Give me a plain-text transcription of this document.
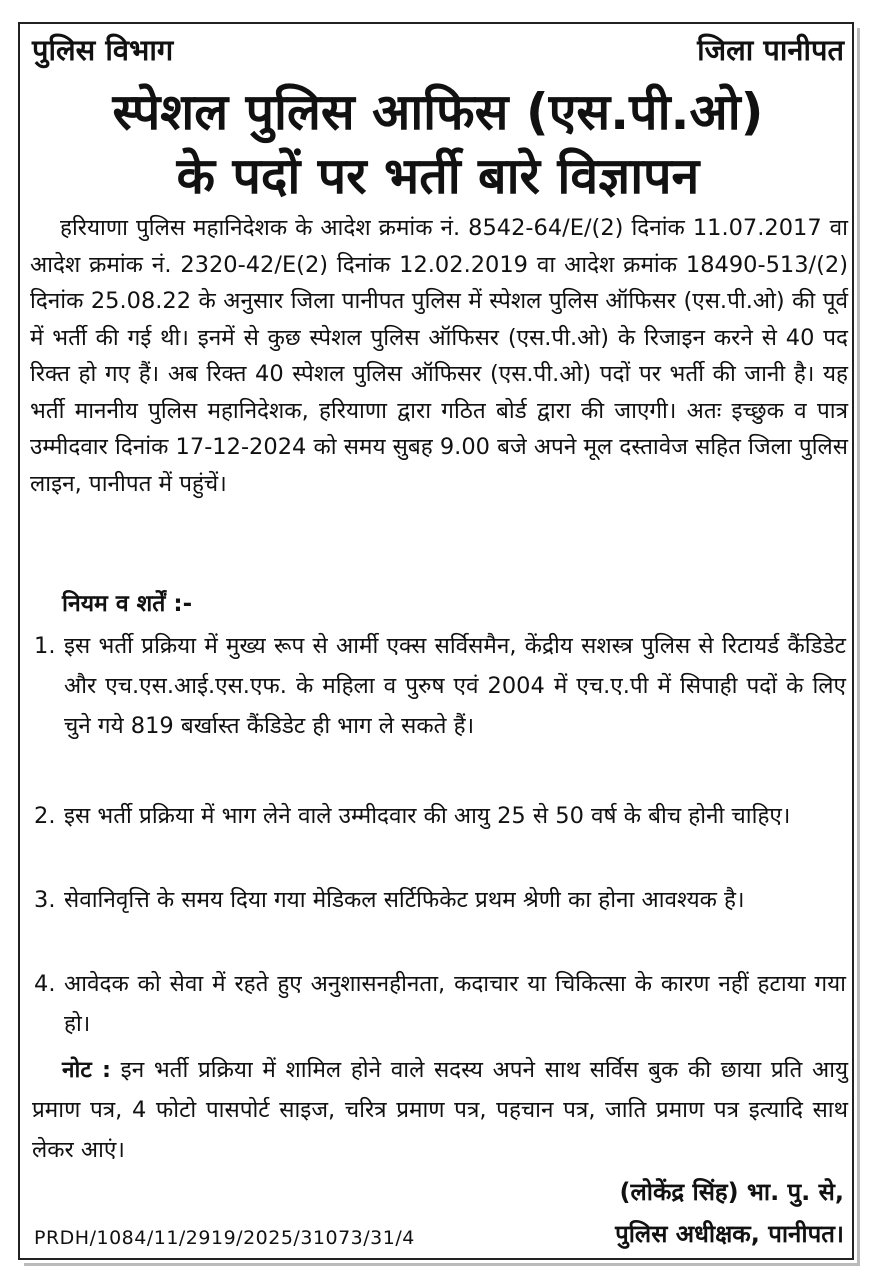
पुलिस विभाग	जिला पानीपत
स्पेशल पुलिस आफिस (एस.पी.ओ)
के पदों पर भर्ती बारे विज्ञापन
हरियाणा पुलिस महानिदेशक के आदेश क्रमांक नं. 8542-64/E/(2) दिनांक 11.07.2017 वा आदेश क्रमांक नं. 2320-42/E(2) दिनांक 12.02.2019 वा आदेश क्रमांक 18490-513/(2) दिनांक 25.08.22 के अनुसार जिला पानीपत पुलिस में स्पेशल पुलिस ऑफिसर (एस.पी.ओ) की पूर्व में भर्ती की गई थी। इनमें से कुछ स्पेशल पुलिस ऑफिसर (एस.पी.ओ) के रिजाइन करने से 40 पद रिक्त हो गए हैं। अब रिक्त 40 स्पेशल पुलिस ऑफिसर (एस.पी.ओ) पदों पर भर्ती की जानी है। यह भर्ती माननीय पुलिस महानिदेशक, हरियाणा द्वारा गठित बोर्ड द्वारा की जाएगी। अतः इच्छुक व पात्र उम्मीदवार दिनांक 17-12-2024 को समय सुबह 9.00 बजे अपने मूल दस्तावेज सहित जिला पुलिस लाइन, पानीपत में पहुंचें।
नियम व शर्तें :-
1. इस भर्ती प्रक्रिया में मुख्य रूप से आर्मी एक्स सर्विसमैन, केंद्रीय सशस्त्र पुलिस से रिटायर्ड कैंडिडेट और एच.एस.आई.एस.एफ. के महिला व पुरुष एवं 2004 में एच.ए.पी में सिपाही पदों के लिए चुने गये 819 बर्खास्त कैंडिडेट ही भाग ले सकते हैं।
2. इस भर्ती प्रक्रिया में भाग लेने वाले उम्मीदवार की आयु 25 से 50 वर्ष के बीच होनी चाहिए।
3. सेवानिवृत्ति के समय दिया गया मेडिकल सर्टिफिकेट प्रथम श्रेणी का होना आवश्यक है।
4. आवेदक को सेवा में रहते हुए अनुशासनहीनता, कदाचार या चिकित्सा के कारण नहीं हटाया गया हो।
नोट : इन भर्ती प्रक्रिया में शामिल होने वाले सदस्य अपने साथ सर्विस बुक की छाया प्रति आयु प्रमाण पत्र, 4 फोटो पासपोर्ट साइज, चरित्र प्रमाण पत्र, पहचान पत्र, जाति प्रमाण पत्र इत्यादि साथ लेकर आएं।
(लोकेंद्र सिंह) भा. पु. से,
पुलिस अधीक्षक, पानीपत।
PRDH/1084/11/2919/2025/31073/31/4
